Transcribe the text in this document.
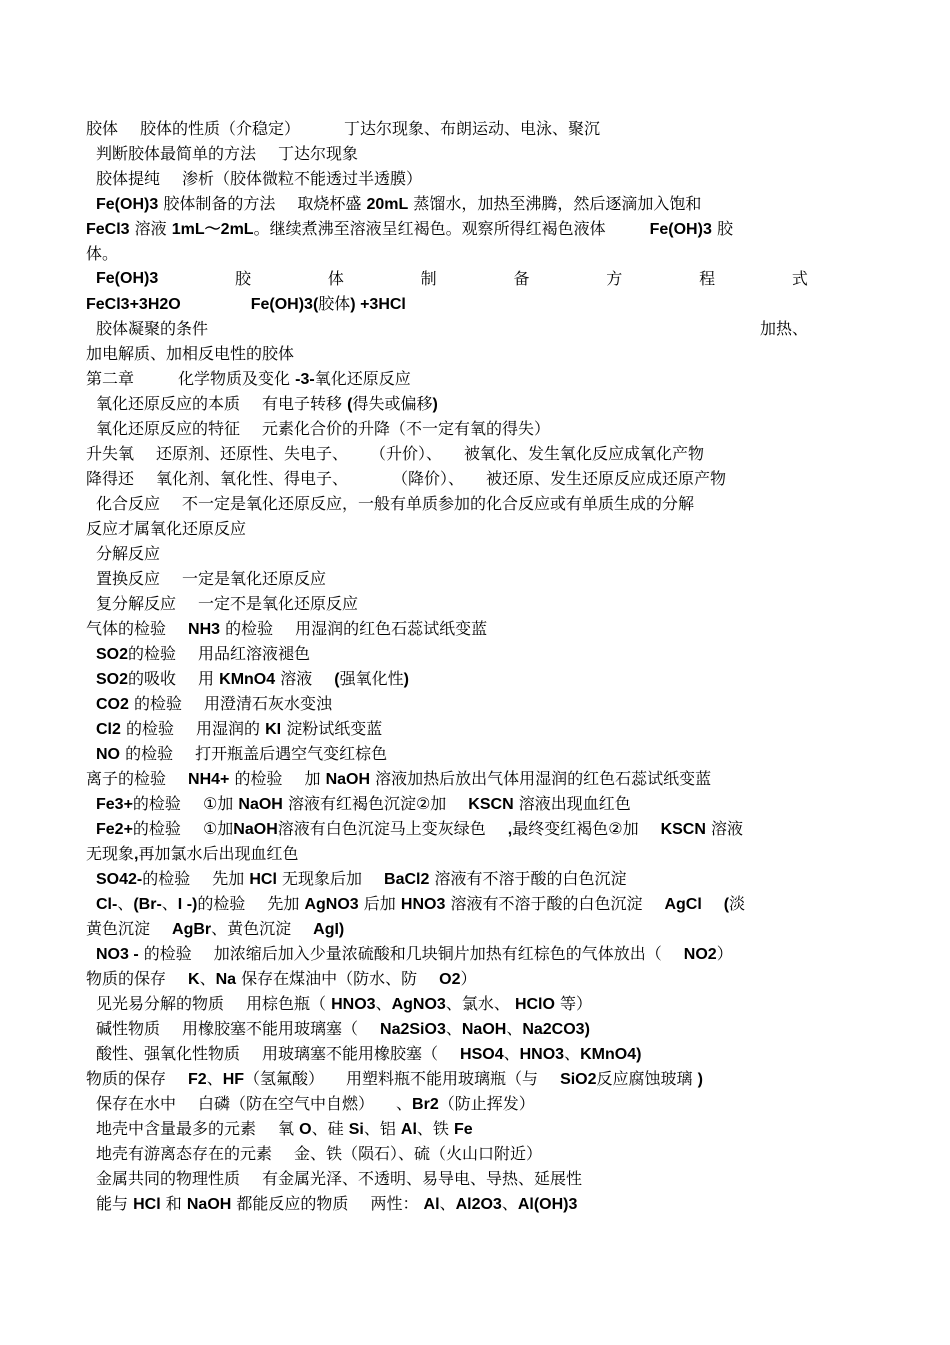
胶体 胶体的性质（介稳定）	丁达尔现象、布朗运动、电泳、聚沉
判断胶体最简单的方法 丁达尔现象
胶体提纯 渗析（胶体微粒不能透过半透膜）
Fe(OH)3 胶体制备的方法 取烧杯盛 20mL 蒸馏水，加热至沸腾，然后逐滴加入饱和
FeCl3 溶液 1mL～2mL。继续煮沸至溶液呈红褐色。观察所得红褐色液体	Fe(OH)3 胶
体。
Fe(OH)3	胶	体	制	备	方	程	式
FeCl3+3H2O	Fe(OH)3(胶体) +3HCl
胶体凝聚的条件	加热、
加电解质、加相反电性的胶体
第二章	化学物质及变化 -3-氧化还原反应
氧化还原反应的本质 有电子转移 (得失或偏移)
氧化还原反应的特征 元素化合价的升降（不一定有氧的得失）
升失氧 还原剂、还原性、失电子、 （升价）、 被氧化、发生氧化反应成氧化产物
降得还 氧化剂、氧化性、得电子、	（降价）、 被还原、发生还原反应成还原产物
化合反应 不一定是氧化还原反应，一般有单质参加的化合反应或有单质生成的分解
反应才属氧化还原反应
分解反应
置换反应 一定是氧化还原反应
复分解反应 一定不是氧化还原反应
气体的检验 NH3 的检验 用湿润的红色石蕊试纸变蓝
SO2的检验 用品红溶液褪色
SO2的吸收 用 KMnO4 溶液 (强氧化性)
CO2 的检验 用澄清石灰水变浊
Cl2 的检验 用湿润的 KI 淀粉试纸变蓝
NO 的检验 打开瓶盖后遇空气变红棕色
离子的检验 NH4+ 的检验 加 NaOH 溶液加热后放出气体用湿润的红色石蕊试纸变蓝
Fe3+的检验 ①加 NaOH 溶液有红褐色沉淀②加 KSCN 溶液出现血红色
Fe2+的检验 ①加NaOH溶液有白色沉淀马上变灰绿色 ,最终变红褐色②加 KSCN 溶液
无现象,再加氯水后出现血红色
SO42-的检验 先加 HCl 无现象后加 BaCl2 溶液有不溶于酸的白色沉淀
Cl-、(Br-、I -)的检验 先加 AgNO3 后加 HNO3 溶液有不溶于酸的白色沉淀 AgCl (淡
黄色沉淀 AgBr、黄色沉淀 AgI)
NO3 - 的检验 加浓缩后加入少量浓硫酸和几块铜片加热有红棕色的气体放出（ NO2）
物质的保存 K、Na 保存在煤油中（防水、防 O2）
见光易分解的物质 用棕色瓶（ HNO3、AgNO3、氯水、 HClO 等）
碱性物质 用橡胶塞不能用玻璃塞（ Na2SiO3、NaOH、Na2CO3)
酸性、强氧化性物质 用玻璃塞不能用橡胶塞（ HSO4、HNO3、KMnO4)
物质的保存 F2、HF（氢氟酸） 用塑料瓶不能用玻璃瓶（与 SiO2反应腐蚀玻璃 )
保存在水中 白磷（防在空气中自燃） 、Br2（防止挥发）
地壳中含量最多的元素 氧 O、硅 Si、铝 Al、铁 Fe
地壳有游离态存在的元素 金、铁（陨石）、硫（火山口附近）
金属共同的物理性质 有金属光泽、不透明、易导电、导热、延展性
能与 HCl 和 NaOH 都能反应的物质 两性： Al、Al2O3、Al(OH)3
